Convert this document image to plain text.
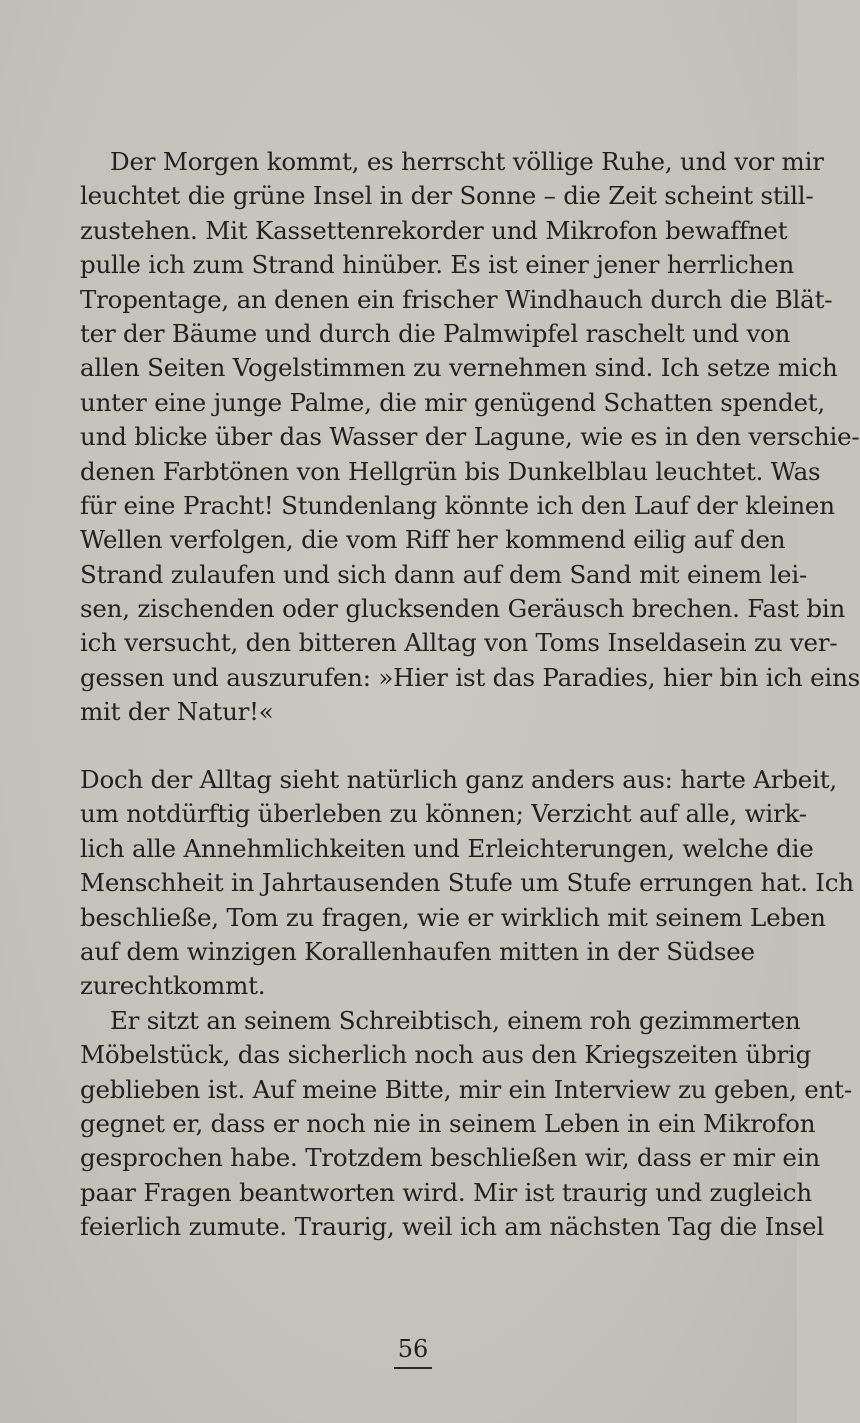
Der Morgen kommt, es herrscht völlige Ruhe, und vor mir
leuchtet die grüne Insel in der Sonne – die Zeit scheint still-
zustehen. Mit Kassettenrekorder und Mikrofon bewaffnet
pulle ich zum Strand hinüber. Es ist einer jener herrlichen
Tropentage, an denen ein frischer Windhauch durch die Blät-
ter der Bäume und durch die Palmwipfel raschelt und von
allen Seiten Vogelstimmen zu vernehmen sind. Ich setze mich
unter eine junge Palme, die mir genügend Schatten spendet,
und blicke über das Wasser der Lagune, wie es in den verschie-
denen Farbtönen von Hellgrün bis Dunkelblau leuchtet. Was
für eine Pracht! Stundenlang könnte ich den Lauf der kleinen
Wellen verfolgen, die vom Riff her kommend eilig auf den
Strand zulaufen und sich dann auf dem Sand mit einem lei-
sen, zischenden oder glucksenden Geräusch brechen. Fast bin
ich versucht, den bitteren Alltag von Toms Inseldasein zu ver-
gessen und auszurufen: »Hier ist das Paradies, hier bin ich eins
mit der Natur!«
Doch der Alltag sieht natürlich ganz anders aus: harte Arbeit,
um notdürftig überleben zu können; Verzicht auf alle, wirk-
lich alle Annehmlichkeiten und Erleichterungen, welche die
Menschheit in Jahrtausenden Stufe um Stufe errungen hat. Ich
beschließe, Tom zu fragen, wie er wirklich mit seinem Leben
auf dem winzigen Korallenhaufen mitten in der Südsee
zurechtkommt.
Er sitzt an seinem Schreibtisch, einem roh gezimmerten
Möbelstück, das sicherlich noch aus den Kriegszeiten übrig
geblieben ist. Auf meine Bitte, mir ein Interview zu geben, ent-
gegnet er, dass er noch nie in seinem Leben in ein Mikrofon
gesprochen habe. Trotzdem beschließen wir, dass er mir ein
paar Fragen beantworten wird. Mir ist traurig und zugleich
feierlich zumute. Traurig, weil ich am nächsten Tag die Insel
56
